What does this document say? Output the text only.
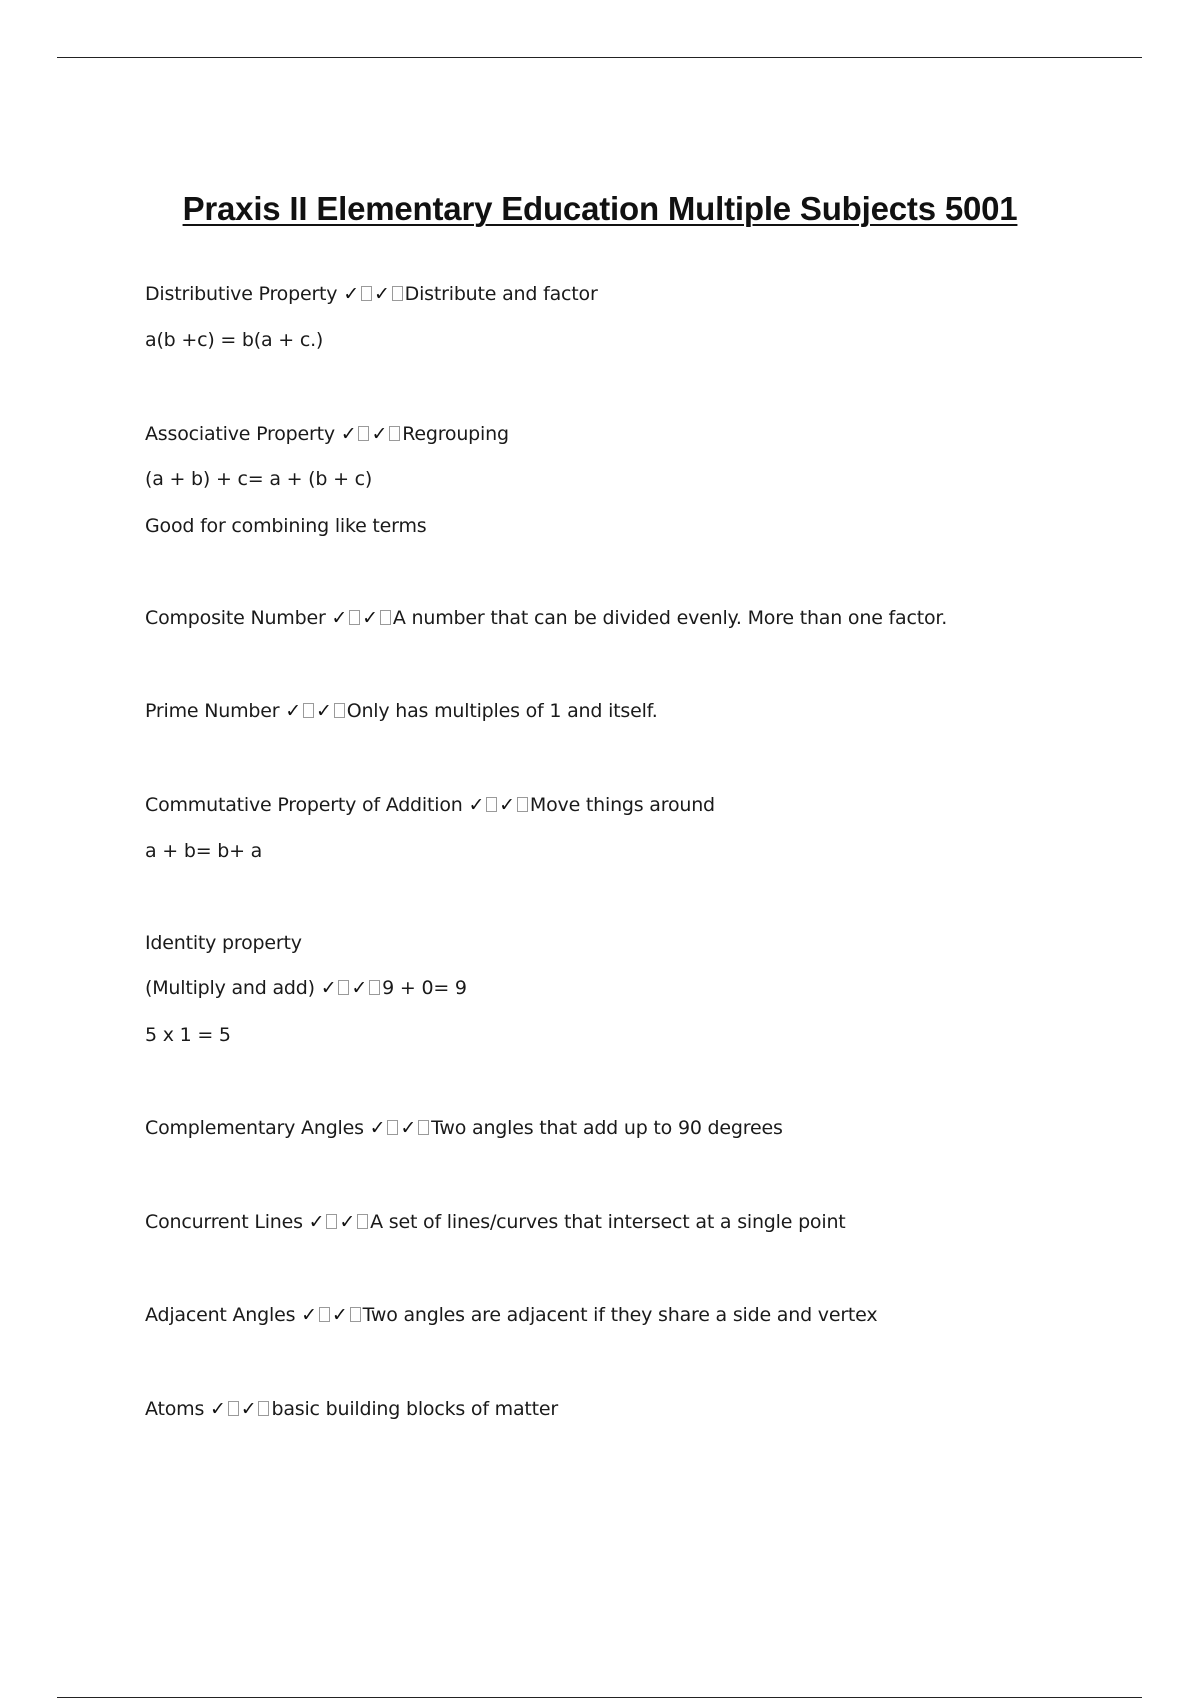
Praxis II Elementary Education Multiple Subjects 5001
Distributive Property ✓ ✓ Distribute and factor
a(b +c) = b(a + c.)
Associative Property ✓ ✓ Regrouping
(a + b) + c= a + (b + c)
Good for combining like terms
Composite Number ✓ ✓ A number that can be divided evenly. More than one factor.
Prime Number ✓ ✓ Only has multiples of 1 and itself.
Commutative Property of Addition ✓ ✓ Move things around
a + b= b+ a
Identity property
(Multiply and add) ✓ ✓ 9 + 0= 9
5 x 1 = 5
Complementary Angles ✓ ✓ Two angles that add up to 90 degrees
Concurrent Lines ✓ ✓ A set of lines/curves that intersect at a single point
Adjacent Angles ✓ ✓ Two angles are adjacent if they share a side and vertex
Atoms ✓ ✓ basic building blocks of matter
